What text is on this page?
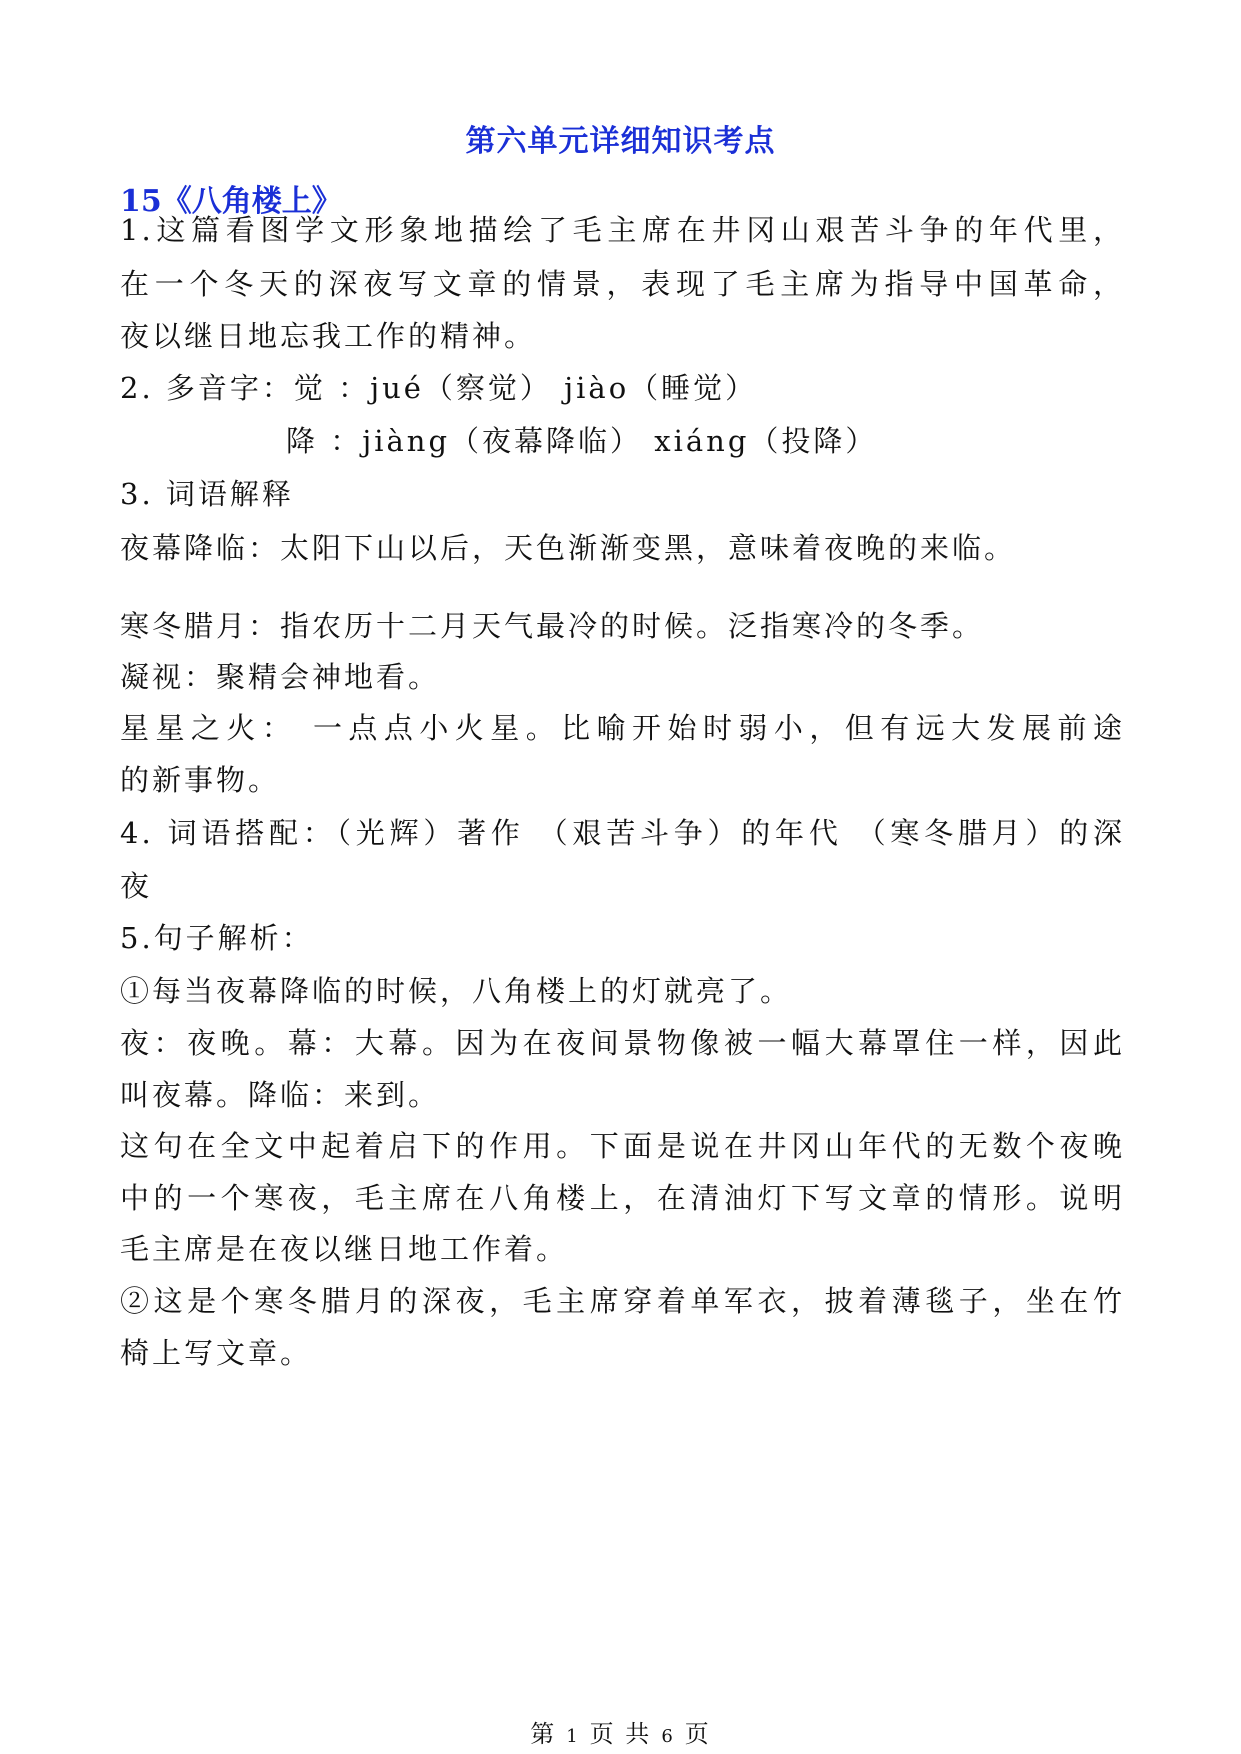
第六单元详细知识考点
15《八角楼上》
1.这篇看图学文形象地描绘了毛主席在井冈山艰苦斗争的年代里，
在一个冬天的深夜写文章的情景，表现了毛主席为指导中国革命，
夜以继日地忘我工作的精神。
2. 多音字：觉 ：jué（察觉） jiào（睡觉）
降 ：jiàng（夜幕降临） xiáng（投降）
3. 词语解释
夜幕降临：太阳下山以后，天色渐渐变黑，意味着夜晚的来临。
寒冬腊月：指农历十二月天气最冷的时候。泛指寒冷的冬季。
凝视：聚精会神地看。
星星之火： 一点点小火星。比喻开始时弱小，但有远大发展前途
的新事物。
4. 词语搭配：（光辉）著作 （艰苦斗争）的年代 （寒冬腊月）的深
夜
5.句子解析：
①每当夜幕降临的时候，八角楼上的灯就亮了。
夜：夜晚。幕：大幕。因为在夜间景物像被一幅大幕罩住一样，因此
叫夜幕。降临：来到。
这句在全文中起着启下的作用。下面是说在井冈山年代的无数个夜晚
中的一个寒夜，毛主席在八角楼上，在清油灯下写文章的情形。说明
毛主席是在夜以继日地工作着。
②这是个寒冬腊月的深夜，毛主席穿着单军衣，披着薄毯子，坐在竹
椅上写文章。
第 1 页 共 6 页
